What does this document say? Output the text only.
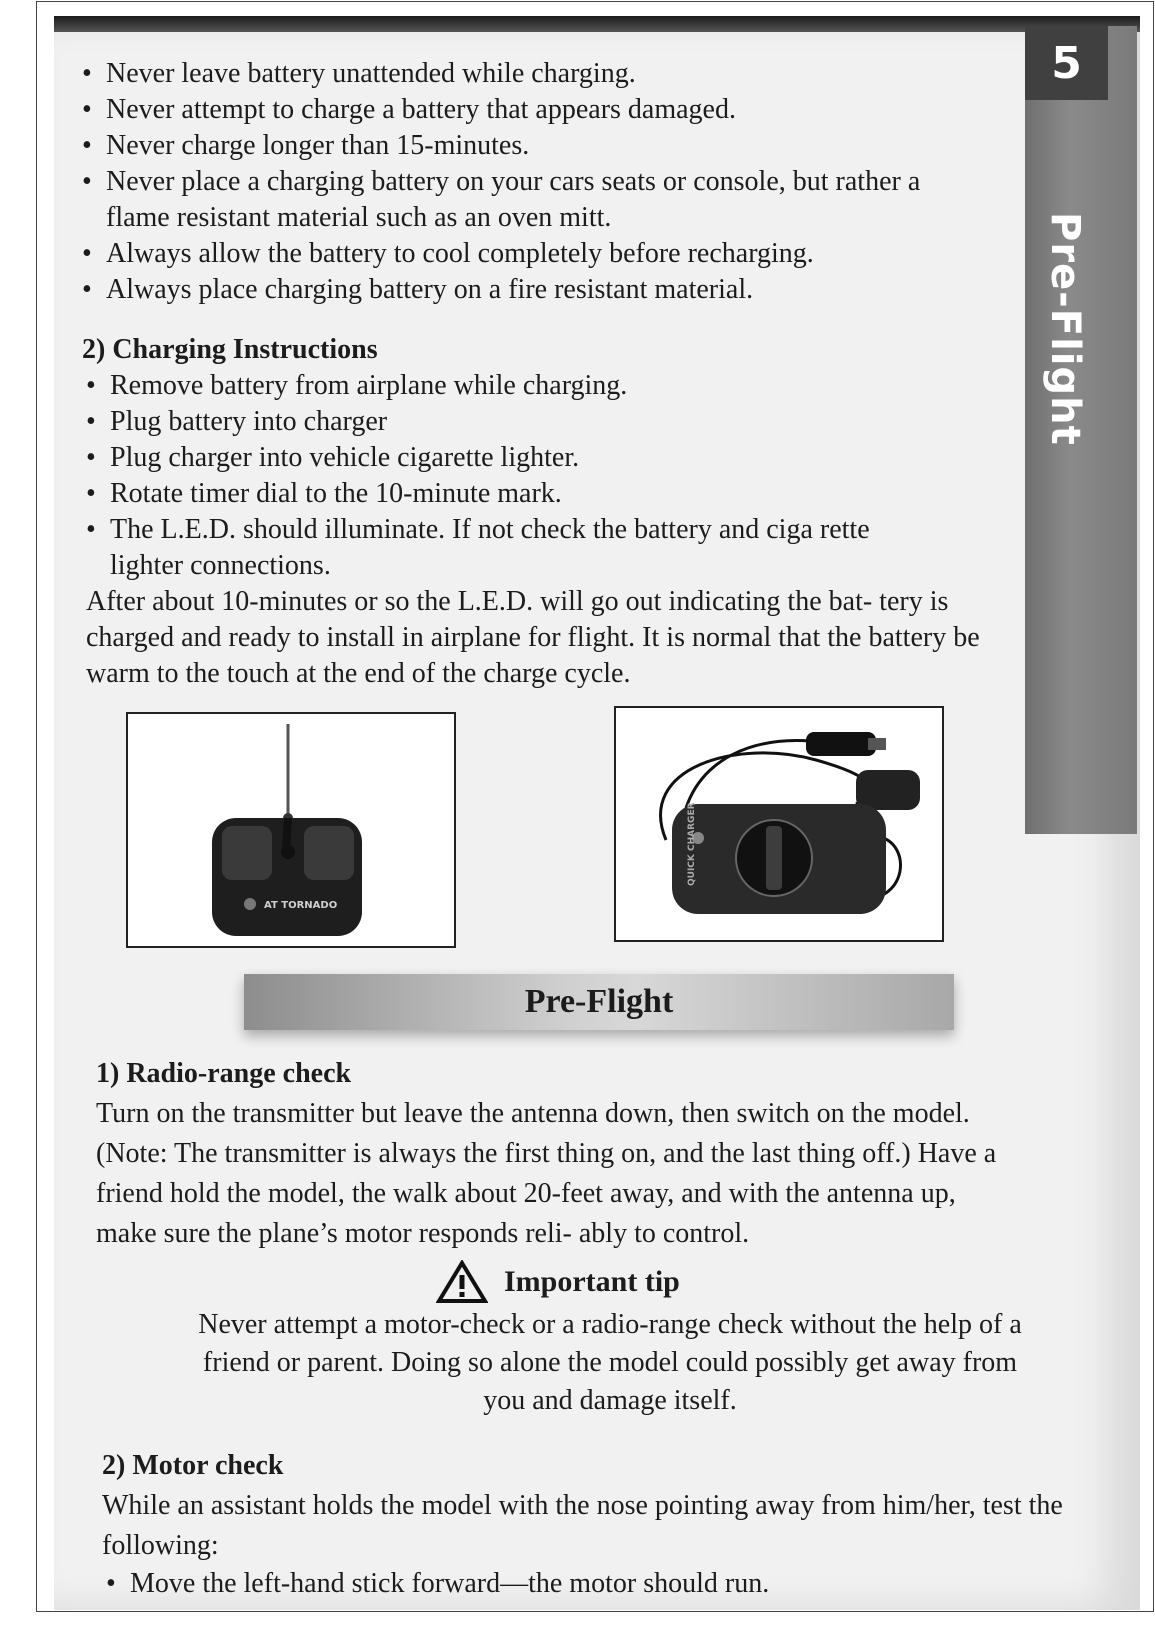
5
Pre-Flight
• Never leave battery unattended while charging.
• Never attempt to charge a battery that appears damaged.
• Never charge longer than 15-minutes.
• Never place a charging battery on your cars seats or console, but rather a flame resistant material such as an oven mitt.
• Always allow the battery to cool completely before recharging.
• Always place charging battery on a fire resistant material.
2) Charging Instructions
• Remove battery from airplane while charging.
• Plug battery into charger
• Plug charger into vehicle cigarette lighter.
• Rotate timer dial to the 10-minute mark.
• The L.E.D. should illuminate. If not check the battery and ciga rette lighter connections.
After about 10-minutes or so the L.E.D. will go out indicating the bat- tery is charged and ready to install in airplane for flight. It is normal that the battery be warm to the touch at the end of the charge cycle.
AT TORNADO
QUICK CHARGER
Pre-Flight
1) Radio-range check
Turn on the transmitter but leave the antenna down, then switch on the model. (Note: The transmitter is always the first thing on, and the last thing off.) Have a friend hold the model, the walk about 20-feet away, and with the antenna up, make sure the plane’s motor responds reli- ably to control.
Important tip
Never attempt a motor-check or a radio-range check without the help of a friend or parent. Doing so alone the model could possibly get away from you and damage itself.
2) Motor check
While an assistant holds the model with the nose pointing away from him/her, test the following:
• Move the left-hand stick forward—the motor should run.
